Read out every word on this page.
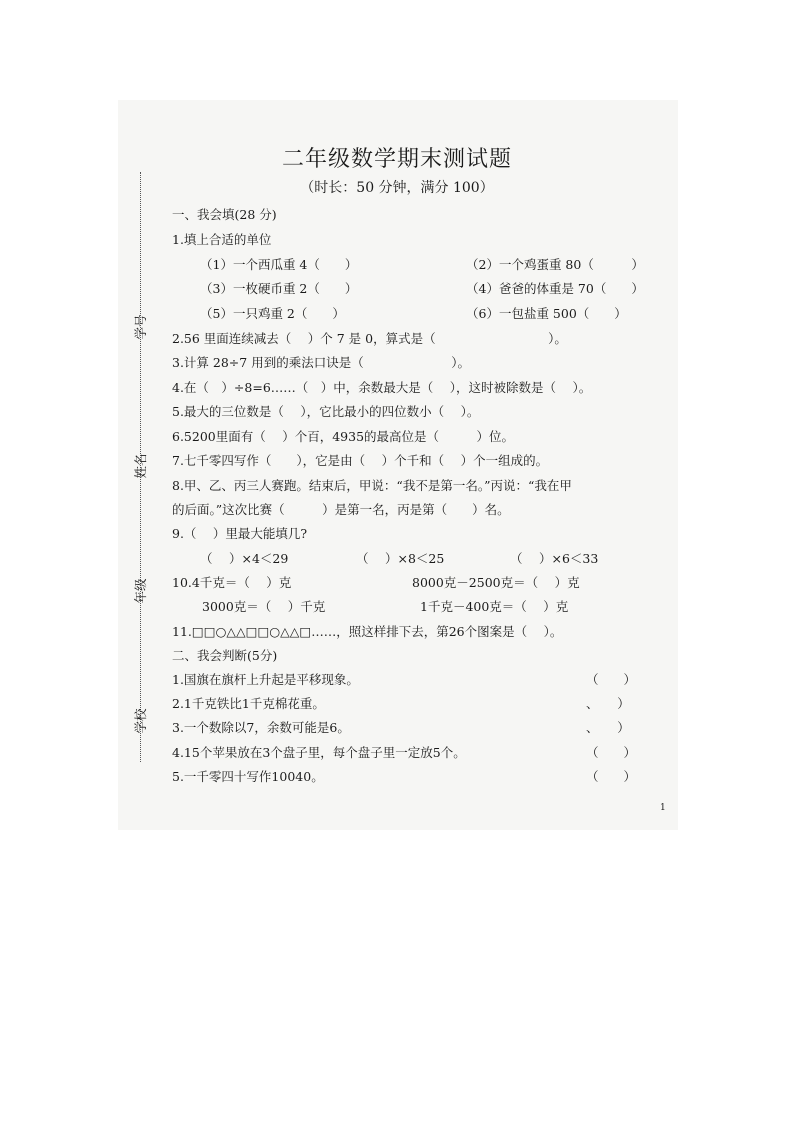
二年级数学期末测试题
（时长：50 分钟，满分 100）
学号
姓名
年级
学校
一、我会填(28 分)
1.填上合适的单位
（1）一个西瓜重 4（　　）	（2）一个鸡蛋重 80（　　　）
（3）一枚硬币重 2（　　）	（4）爸爸的体重是 70（　　）
（5）一只鸡重 2（　　）	（6）一包盐重 500（　　）
2.56 里面连续减去（　 ）个 7 是 0，算式是（　　　　　　　　　）。
3.计算 28÷7 用到的乘法口诀是（　　　　　　　）。
4.在（　）÷8=6……（　）中，余数最大是（　 ），这时被除数是（　 ）。
5.最大的三位数是（　 ），它比最小的四位数小（　 ）。
6.5200里面有（　 ）个百，4935的最高位是（　　　）位。
7.七千零四写作（　　），它是由（　 ）个千和（　 ）个一组成的。
8.甲、乙、丙三人赛跑。结束后，甲说：“我不是第一名。”丙说：“我在甲
的后面。”这次比赛（　　　）是第一名，丙是第（　　）名。
9.（　 ）里最大能填几?
（　 ）×4＜29	（　 ）×8＜25	（　 ）×6＜33
10.4千克＝（　 ）克	8000克－2500克＝（　 ）克
3000克＝（　 ）千克	1千克－400克＝（　 ）克
11.□□○△△□□○△△□……，照这样排下去，第26个图案是（　 ）。
二、我会判断(5分)
1.国旗在旗杆上升起是平移现象。	（　　）
2.1千克铁比1千克棉花重。	、　　）
3.一个数除以7，余数可能是6。	、　　）
4.15个苹果放在3个盘子里，每个盘子里一定放5个。	（　　）
5.一千零四十写作10040。	（　　）
1
